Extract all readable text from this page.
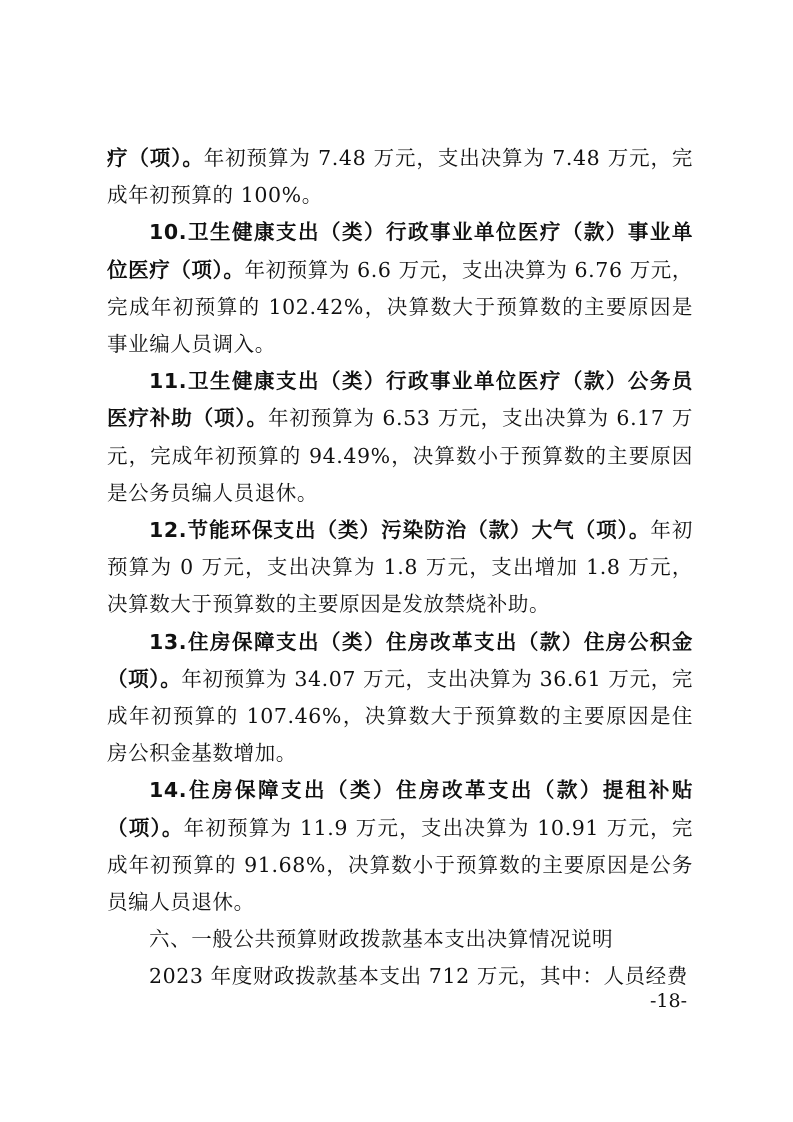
疗（项）。年初预算为 7.48 万元，支出决算为 7.48 万元，完成年初预算的 100%。

10.卫生健康支出（类）行政事业单位医疗（款）事业单位医疗（项）。年初预算为 6.6 万元，支出决算为 6.76 万元，完成年初预算的 102.42%，决算数大于预算数的主要原因是事业编人员调入。

11.卫生健康支出（类）行政事业单位医疗（款）公务员医疗补助（项）。年初预算为 6.53 万元，支出决算为 6.17 万元，完成年初预算的 94.49%，决算数小于预算数的主要原因是公务员编人员退休。

12.节能环保支出（类）污染防治（款）大气（项）。年初预算为 0 万元，支出决算为 1.8 万元，支出增加 1.8 万元，决算数大于预算数的主要原因是发放禁烧补助。

13.住房保障支出（类）住房改革支出（款）住房公积金（项）。年初预算为 34.07 万元，支出决算为 36.61 万元，完成年初预算的 107.46%，决算数大于预算数的主要原因是住房公积金基数增加。

14.住房保障支出（类）住房改革支出（款）提租补贴（项）。年初预算为 11.9 万元，支出决算为 10.91 万元，完成年初预算的 91.68%，决算数小于预算数的主要原因是公务员编人员退休。

六、一般公共预算财政拨款基本支出决算情况说明

2023 年度财政拨款基本支出 712 万元，其中：人员经费

-18-
